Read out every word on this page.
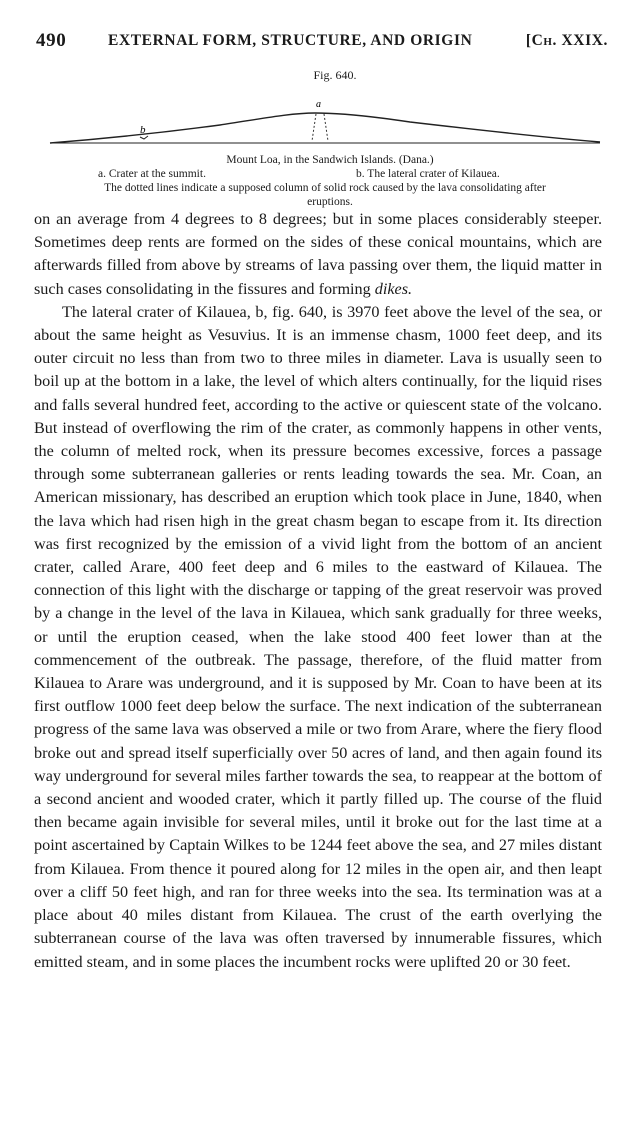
490	EXTERNAL FORM, STRUCTURE, AND ORIGIN	[Ch. XXIX.
Fig. 640.
a
b
Mount Loa, in the Sandwich Islands. (Dana.)
a. Crater at the summit.	b. The lateral crater of Kilauea.
The dotted lines indicate a supposed column of solid rock caused by the lava consolidating after
eruptions.

on an average from 4 degrees to 8 degrees; but in some places considerably steeper. Sometimes deep rents are formed on the sides of these conical mountains, which are afterwards filled from above by streams of lava passing over them, the liquid matter in such cases consolidating in the fissures and forming dikes.

The lateral crater of Kilauea, b, fig. 640, is 3970 feet above the level of the sea, or about the same height as Vesuvius. It is an immense chasm, 1000 feet deep, and its outer circuit no less than from two to three miles in diameter. Lava is usually seen to boil up at the bottom in a lake, the level of which alters continually, for the liquid rises and falls several hundred feet, according to the active or quiescent state of the volcano. But instead of overflowing the rim of the crater, as commonly happens in other vents, the column of melted rock, when its pressure becomes excessive, forces a passage through some subterranean galleries or rents leading towards the sea. Mr. Coan, an American missionary, has described an eruption which took place in June, 1840, when the lava which had risen high in the great chasm began to escape from it. Its direction was first recognized by the emission of a vivid light from the bottom of an ancient crater, called Arare, 400 feet deep and 6 miles to the eastward of Kilauea. The connection of this light with the discharge or tapping of the great reservoir was proved by a change in the level of the lava in Kilauea, which sank gradually for three weeks, or until the eruption ceased, when the lake stood 400 feet lower than at the commencement of the outbreak. The passage, therefore, of the fluid matter from Kilauea to Arare was underground, and it is supposed by Mr. Coan to have been at its first outflow 1000 feet deep below the surface. The next indication of the subterranean progress of the same lava was observed a mile or two from Arare, where the fiery flood broke out and spread itself superficially over 50 acres of land, and then again found its way underground for several miles farther towards the sea, to reappear at the bottom of a second ancient and wooded crater, which it partly filled up. The course of the fluid then became again invisible for several miles, until it broke out for the last time at a point ascertained by Captain Wilkes to be 1244 feet above the sea, and 27 miles distant from Kilauea. From thence it poured along for 12 miles in the open air, and then leapt over a cliff 50 feet high, and ran for three weeks into the sea. Its termination was at a place about 40 miles distant from Kilauea. The crust of the earth overlying the subterranean course of the lava was often traversed by innumerable fissures, which emitted steam, and in some places the incumbent rocks were uplifted 20 or 30 feet.
